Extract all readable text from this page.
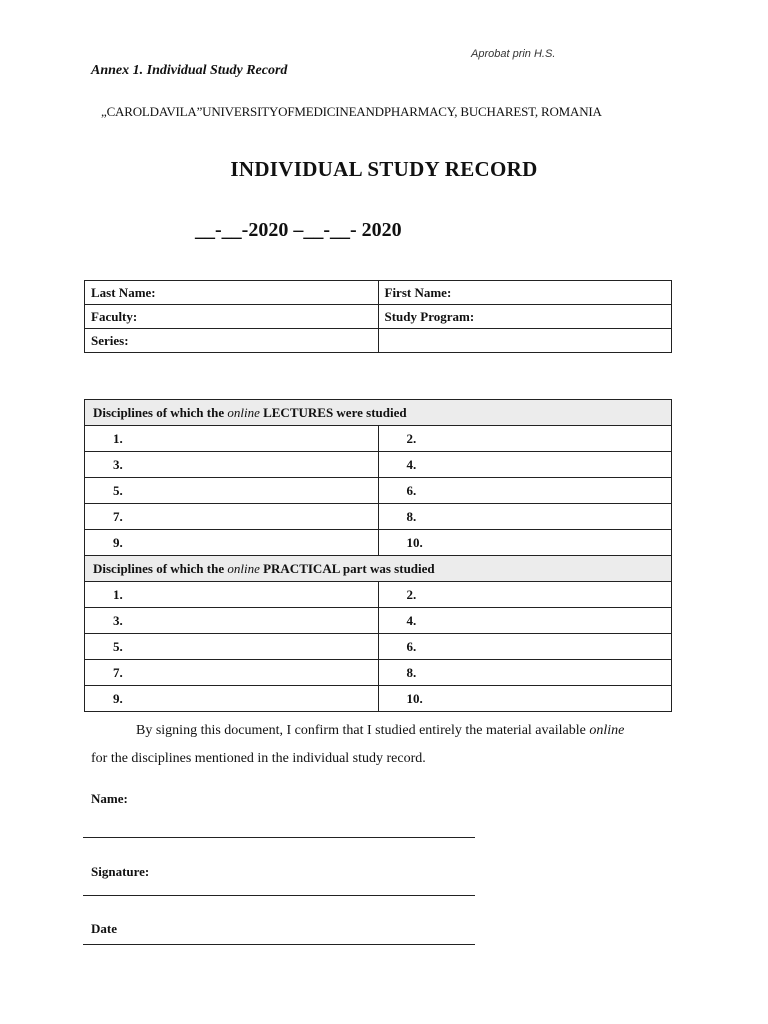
Aprobat prin H.S.
Annex 1. Individual Study Record
„CAROLDAVILA”UNIVERSITYOFMEDICINEANDPHARMACY, BUCHAREST, ROMANIA
INDIVIDUAL STUDY RECORD
__-__-2020 –__-__- 2020
Last Name:	First Name:
Faculty:	Study Program:
Series:	
Disciplines of which the online LECTURES were studied	
1.	2.
3.	4.
5.	6.
7.	8.
9.	10.
Disciplines of which the online PRACTICAL part was studied	
1.	2.
3.	4.
5.	6.
7.	8.
9.	10.
By signing this document, I confirm that I studied entirely the material available online
for the disciplines mentioned in the individual study record.
Name:
Signature:
Date
